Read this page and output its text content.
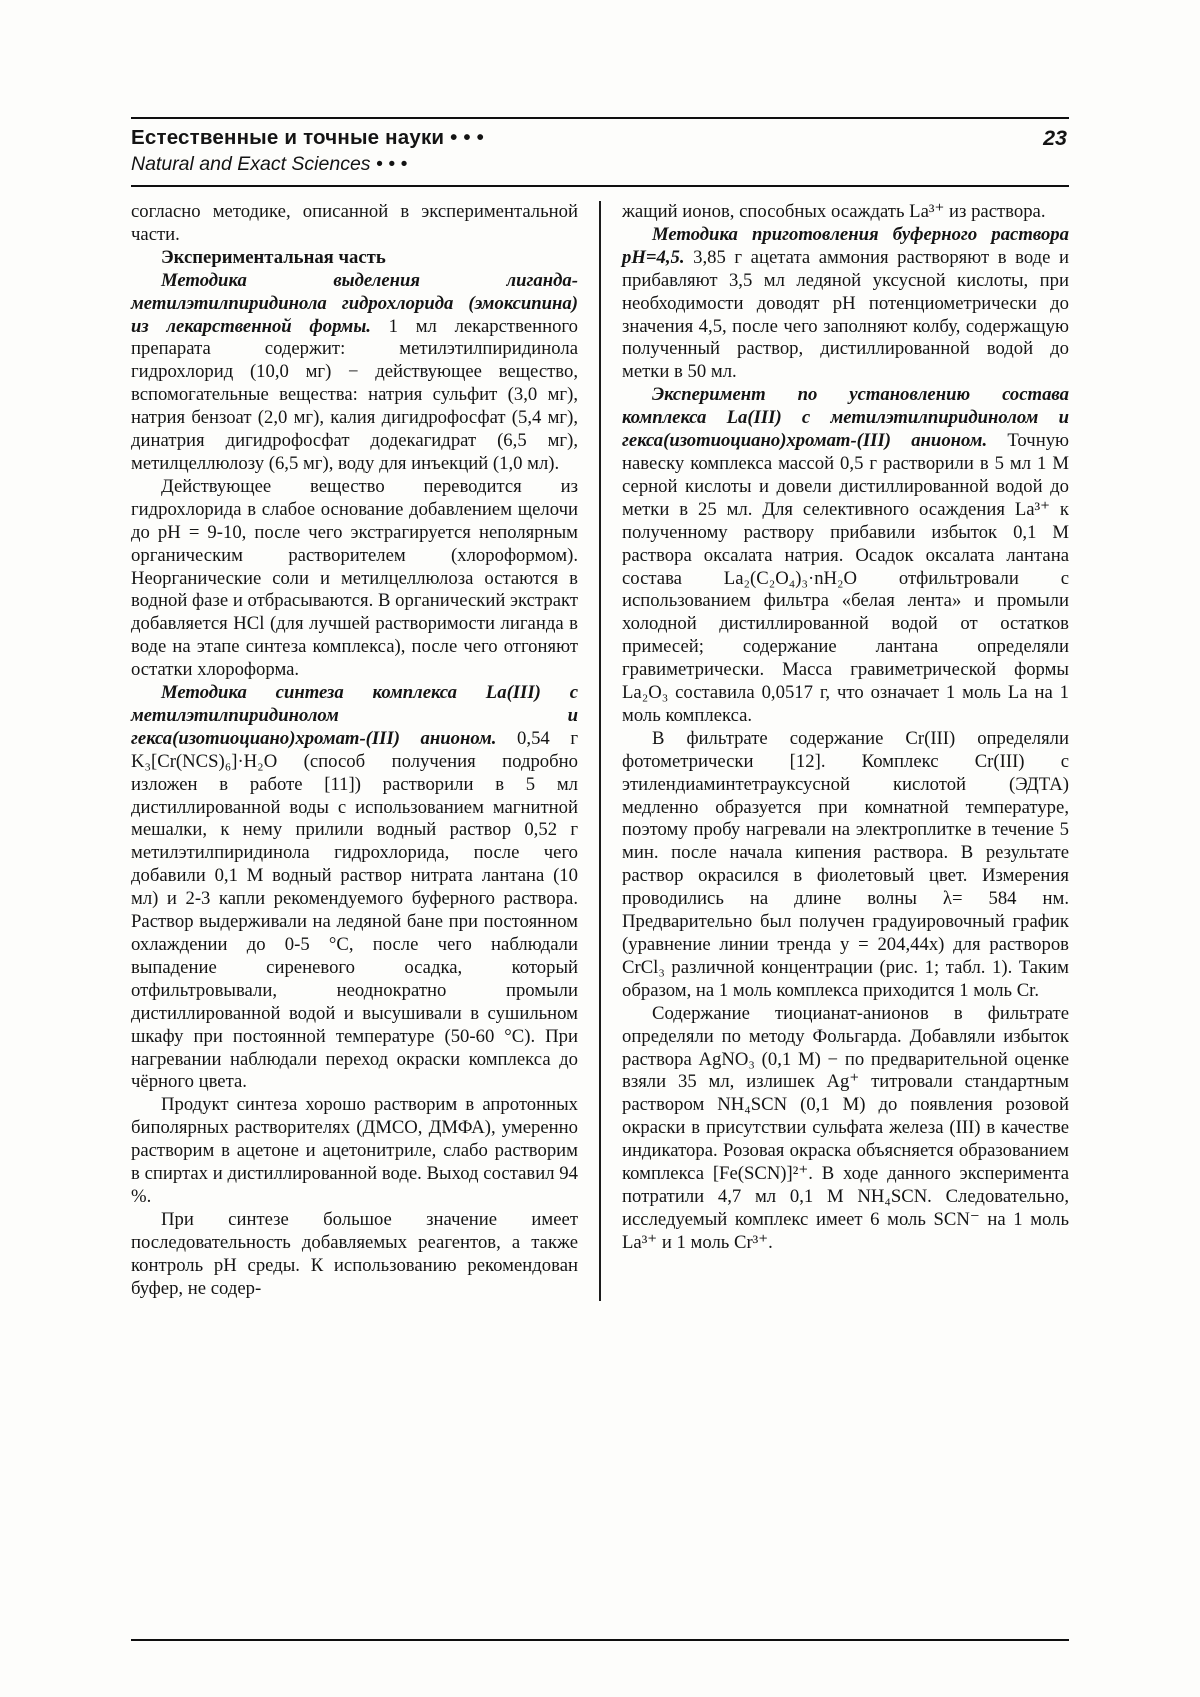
Естественные и точные науки • • •
Natural and Exact Sciences • • •
23

согласно методике, описанной в экспериментальной части.

Экспериментальная часть

Методика выделения лиганда-метилэтилпиридинола гидрохлорида (эмоксипина) из лекарственной формы. 1 мл лекарственного препарата содержит: метилэтилпиридинола гидрохлорид (10,0 мг) − действующее вещество, вспомогательные вещества: натрия сульфит (3,0 мг), натрия бензоат (2,0 мг), калия дигидрофосфат (5,4 мг), динатрия дигидрофосфат додекагидрат (6,5 мг), метилцеллюлозу (6,5 мг), воду для инъекций (1,0 мл).

Действующее вещество переводится из гидрохлорида в слабое основание добавлением щелочи до pH = 9-10, после чего экстрагируется неполярным органическим растворителем (хлороформом). Неорганические соли и метилцеллюлоза остаются в водной фазе и отбрасываются. В органический экстракт добавляется HCl (для лучшей растворимости лиганда в воде на этапе синтеза комплекса), после чего отгоняют остатки хлороформа.

Методика синтеза комплекса La(III) с метилэтилпиридинолом и гекса(изотиоциано)хромат-(III) анионом. 0,54 г K₃[Cr(NCS)₆]·H₂O (способ получения подробно изложен в работе [11]) растворили в 5 мл дистиллированной воды с использованием магнитной мешалки, к нему прилили водный раствор 0,52 г метилэтилпиридинола гидрохлорида, после чего добавили 0,1 М водный раствор нитрата лантана (10 мл) и 2-3 капли рекомендуемого буферного раствора. Раствор выдерживали на ледяной бане при постоянном охлаждении до 0-5 °С, после чего наблюдали выпадение сиреневого осадка, который отфильтровывали, неоднократно промыли дистиллированной водой и высушивали в сушильном шкафу при постоянной температуре (50-60 °С). При нагревании наблюдали переход окраски комплекса до чёрного цвета.

Продукт синтеза хорошо растворим в апротонных биполярных растворителях (ДМСО, ДМФА), умеренно растворим в ацетоне и ацетонитриле, слабо растворим в спиртах и дистиллированной воде. Выход составил 94 %.

При синтезе большое значение имеет последовательность добавляемых реагентов, а также контроль pH среды. К использованию рекомендован буфер, не содер-

жащий ионов, способных осаждать La³⁺ из раствора.

Методика приготовления буферного раствора pH=4,5. 3,85 г ацетата аммония растворяют в воде и прибавляют 3,5 мл ледяной уксусной кислоты, при необходимости доводят pH потенциометрически до значения 4,5, после чего заполняют колбу, содержащую полученный раствор, дистиллированной водой до метки в 50 мл.

Эксперимент по установлению состава комплекса La(III) с метилэтилпиридинолом и гекса(изотиоциано)хромат-(III) анионом. Точную навеску комплекса массой 0,5 г растворили в 5 мл 1 М серной кислоты и довели дистиллированной водой до метки в 25 мл. Для селективного осаждения La³⁺ к полученному раствору прибавили избыток 0,1 М раствора оксалата натрия. Осадок оксалата лантана состава La₂(C₂O₄)₃·nH₂O отфильтровали с использованием фильтра «белая лента» и промыли холодной дистиллированной водой от остатков примесей; содержание лантана определяли гравиметрически. Масса гравиметрической формы La₂O₃ составила 0,0517 г, что означает 1 моль La на 1 моль комплекса.

В фильтрате содержание Cr(III) определяли фотометрически [12]. Комплекс Cr(III) с этилендиаминтетрауксусной кислотой (ЭДТА) медленно образуется при комнатной температуре, поэтому пробу нагревали на электроплитке в течение 5 мин. после начала кипения раствора. В результате раствор окрасился в фиолетовый цвет. Измерения проводились на длине волны λ= 584 нм. Предварительно был получен градуировочный график (уравнение линии тренда y = 204,44x) для растворов CrCl₃ различной концентрации (рис. 1; табл. 1). Таким образом, на 1 моль комплекса приходится 1 моль Cr.

Содержание тиоцианат-анионов в фильтрате определяли по методу Фольгарда. Добавляли избыток раствора AgNO₃ (0,1 М) − по предварительной оценке взяли 35 мл, излишек Ag⁺ титровали стандартным раствором NH₄SCN (0,1 М) до появления розовой окраски в присутствии сульфата железа (III) в качестве индикатора. Розовая окраска объясняется образованием комплекса [Fe(SCN)]²⁺. В ходе данного эксперимента потратили 4,7 мл 0,1 М NH₄SCN. Следовательно, исследуемый комплекс имеет 6 моль SCN⁻ на 1 моль La³⁺ и 1 моль Cr³⁺.
